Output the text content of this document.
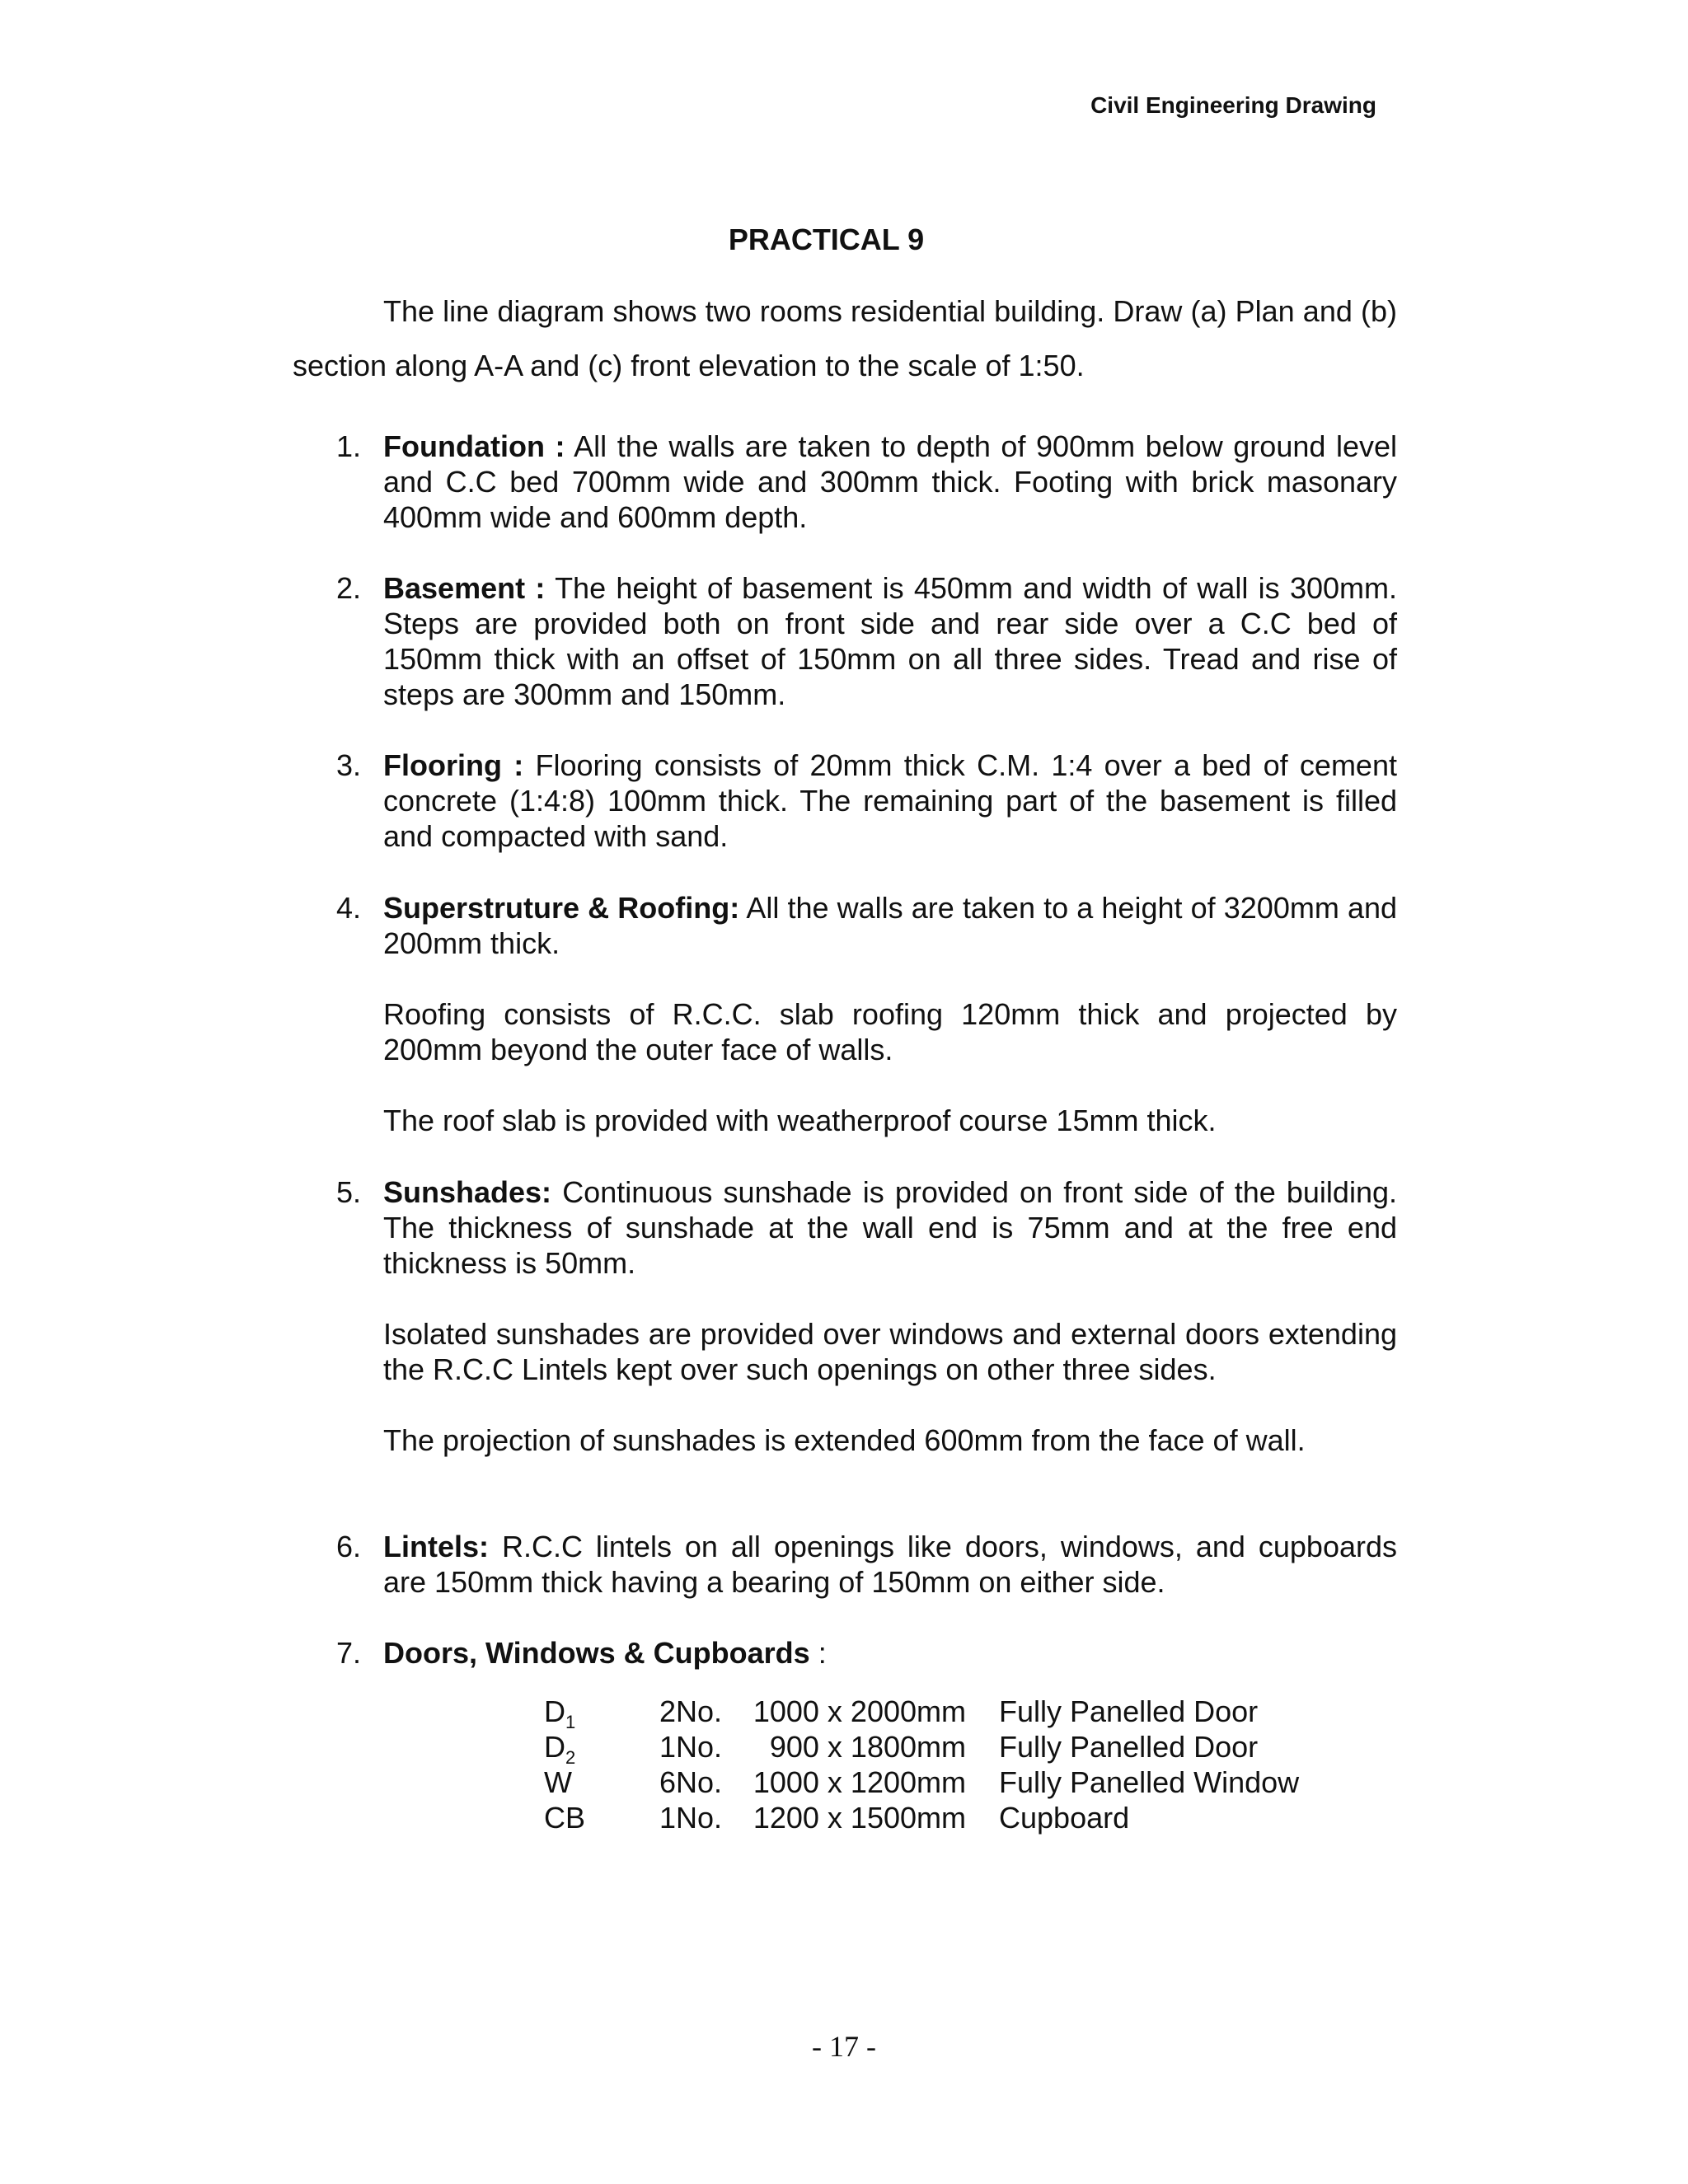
Civil Engineering Drawing
PRACTICAL 9
The line diagram shows two rooms residential building. Draw (a) Plan and (b) section along A-A and (c) front elevation to the scale of 1:50.
1. Foundation : All the walls are taken to depth of 900mm below ground level and C.C bed 700mm wide and 300mm thick. Footing with brick masonary 400mm wide and 600mm depth.

2. Basement : The height of basement is 450mm and width of wall is 300mm. Steps are provided both on front side and rear side over a C.C bed of 150mm thick with an offset of 150mm on all three sides. Tread and rise of steps are 300mm and 150mm.

3. Flooring : Flooring consists of 20mm thick C.M. 1:4 over a bed of cement concrete (1:4:8) 100mm thick. The remaining part of the basement is filled and compacted with sand.

4. Superstruture & Roofing: All the walls are taken to a height of 3200mm and 200mm thick.

Roofing consists of R.C.C. slab roofing 120mm thick and projected by 200mm beyond the outer face of walls.

The roof slab is provided with weatherproof course 15mm thick.

5. Sunshades: Continuous sunshade is provided on front side of the building. The thickness of sunshade at the wall end is 75mm and at the free end thickness is 50mm.

Isolated sunshades are provided over windows and external doors extending the R.C.C Lintels kept over such openings on other three sides.

The projection of sunshades is extended 600mm from the face of wall.

6. Lintels: R.C.C lintels on all openings like doors, windows, and cupboards are 150mm thick having a bearing of 150mm on either side.

7. Doors, Windows & Cupboards :

$D_1$	2No.	1000 x 2000mm	Fully Panelled Door
$D_2$	1No.	900 x 1800mm	Fully Panelled Door
W	6No.	1000 x 1200mm	Fully Panelled Window
CB	1No.	1200 x 1500mm	Cupboard
- 17 -
